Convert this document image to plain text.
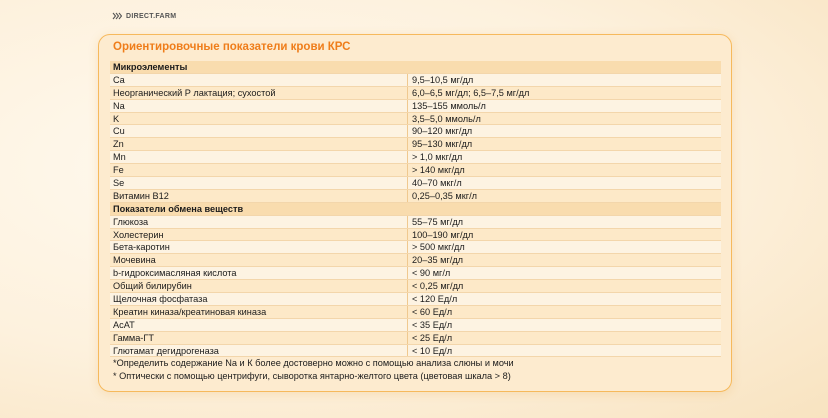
DIRECT.FARM
Ориентировочные показатели крови КРС
Микроэлементы
Ca	9,5–10,5 мг/дл
Неорганический Р лактация; сухостой	6,0–6,5 мг/дл; 6,5–7,5 мг/дл
Na	135–155 ммоль/л
K	3,5–5,0 ммоль/л
Cu	90–120 мкг/дл
Zn	95–130 мкг/дл
Mn	> 1,0 мкг/дл
Fe	> 140 мкг/дл
Se	40–70 мкг/л
Витамин В12	0,25–0,35 мкг/л
Показатели обмена веществ
Глюкоза	55–75 мг/дл
Холестерин	100–190 мг/дл
Бета-каротин	> 500 мкг/дл
Мочевина	20–35 мг/дл
b-гидроксимасляная кислота	< 90 мг/л
Общий билирубин	< 0,25 мг/дл
Щелочная фосфатаза	< 120 Ед/л
Креатин киназа/креатиновая киназа	< 60 Ед/л
АсАТ	< 35 Ед/л
Гамма-ГТ	< 25 Ед/л
Глютамат дегидрогеназа	< 10 Ед/л
*Определить содержание Na и К более достоверно можно с помощью анализа слюны и мочи
* Оптически с помощью центрифуги, сыворотка янтарно-желтого цвета (цветовая шкала > 8)
